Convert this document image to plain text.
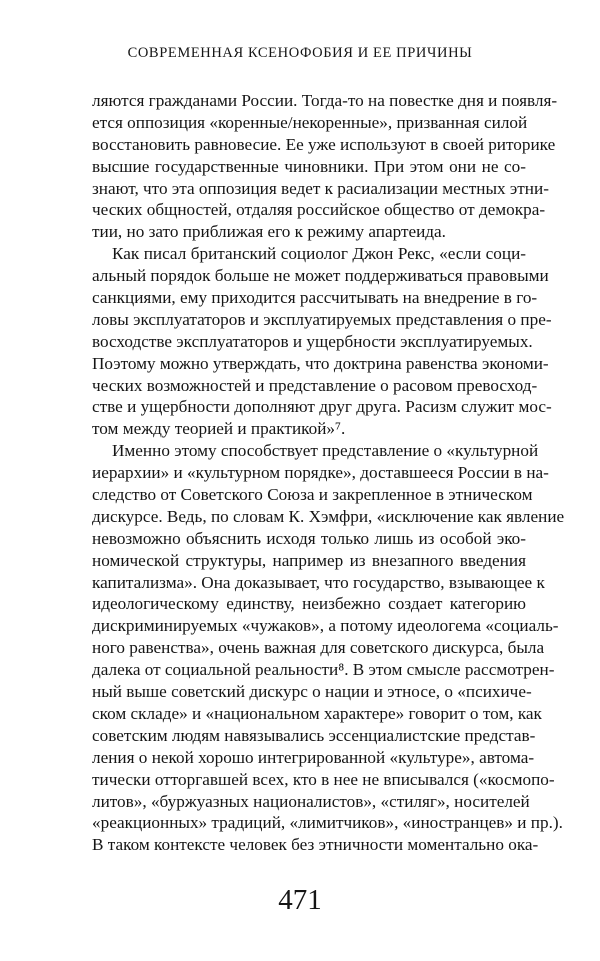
СОВРЕМЕННАЯ КСЕНОФОБИЯ И ЕЕ ПРИЧИНЫ
ляются гражданами России. Тогда-то на повестке дня и появля-
ется оппозиция «коренные/некоренные», призванная силой
восстановить равновесие. Ее уже используют в своей риторике
высшие государственные чиновники. При этом они не со-
знают, что эта оппозиция ведет к расиализации местных этни-
ческих общностей, отдаляя российское общество от демокра-
тии, но зато приближая его к режиму апартеида.
Как писал британский социолог Джон Рекс, «если соци-
альный порядок больше не может поддерживаться правовыми
санкциями, ему приходится рассчитывать на внедрение в го-
ловы эксплуататоров и эксплуатируемых представления о пре-
восходстве эксплуататоров и ущербности эксплуатируемых.
Поэтому можно утверждать, что доктрина равенства экономи-
ческих возможностей и представление о расовом превосход-
стве и ущербности дополняют друг друга. Расизм служит мос-
том между теорией и практикой»⁷.
Именно этому способствует представление о «культурной
иерархии» и «культурном порядке», доставшееся России в на-
следство от Советского Союза и закрепленное в этническом
дискурсе. Ведь, по словам К. Хэмфри, «исключение как явление
невозможно объяснить исходя только лишь из особой эко-
номической структуры, например из внезапного введения
капитализма». Она доказывает, что государство, взывающее к
идеологическому единству, неизбежно создает категорию
дискриминируемых «чужаков», а потому идеологема «социаль-
ного равенства», очень важная для советского дискурса, была
далека от социальной реальности⁸. В этом смысле рассмотрен-
ный выше советский дискурс о нации и этносе, о «психиче-
ском складе» и «национальном характере» говорит о том, как
советским людям навязывались эссенциалистские представ-
ления о некой хорошо интегрированной «культуре», автома-
тически отторгавшей всех, кто в нее не вписывался («космопо-
литов», «буржуазных националистов», «стиляг», носителей
«реакционных» традиций, «лимитчиков», «иностранцев» и пр.).
В таком контексте человек без этничности моментально ока-
471
